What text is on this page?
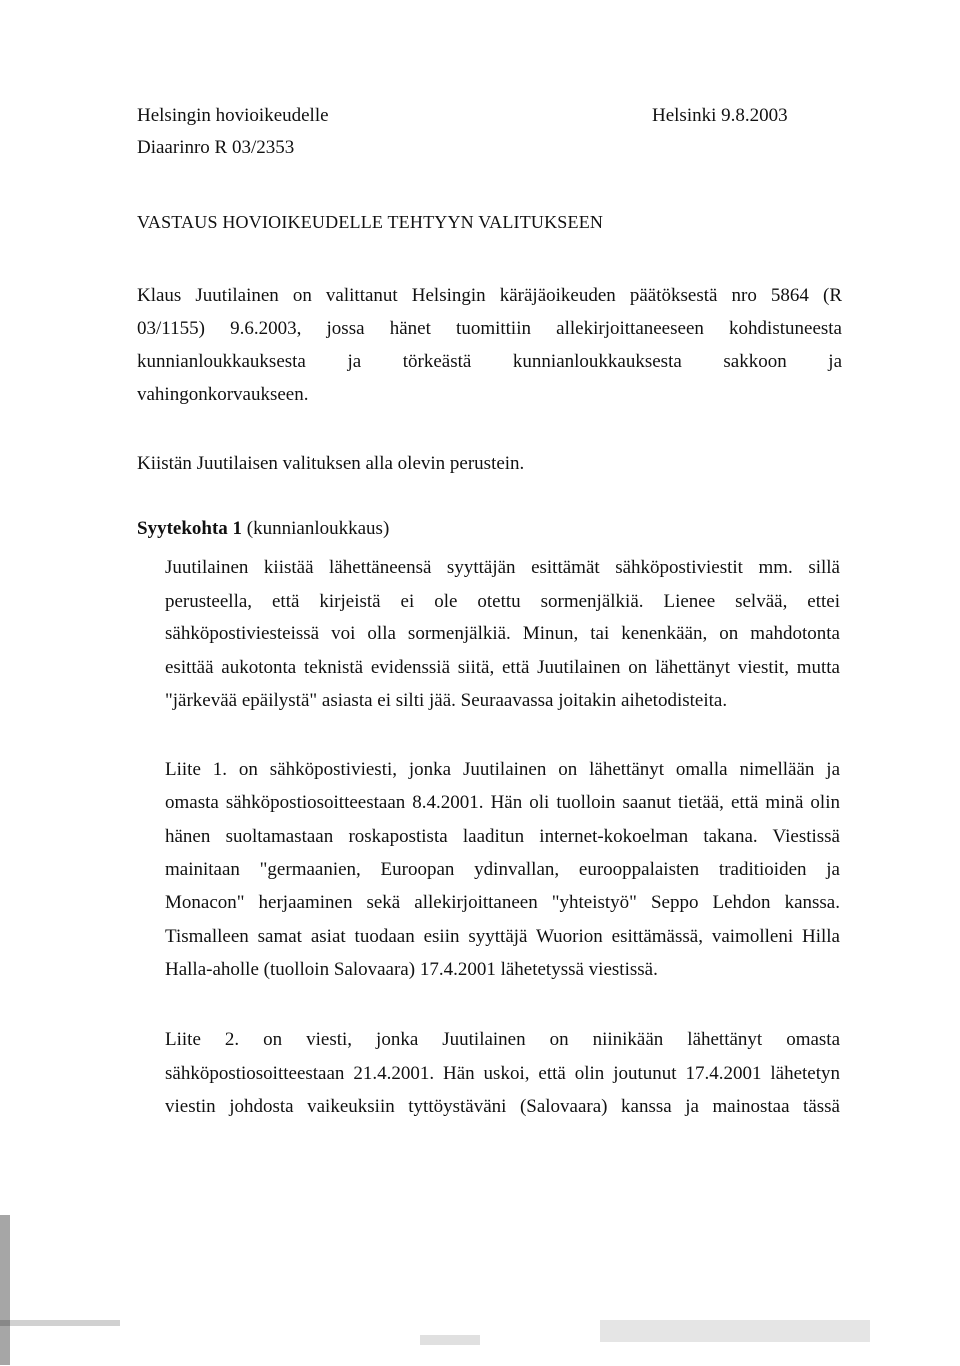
Helsingin hovioikeudelle

Diaarinro R 03/2353

Helsinki 9.8.2003

VASTAUS HOVIOIKEUDELLE TEHTYYN VALITUKSEEN

Klaus Juutilainen on valittanut Helsingin käräjäoikeuden päätöksestä nro 5864 (R

03/1155) 9.6.2003, jossa hänet tuomittiin allekirjoittaneeseen kohdistuneesta

kunnianloukkauksesta ja törkeästä kunnianloukkauksesta sakkoon ja

vahingonkorvaukseen.

Kiistän Juutilaisen valituksen alla olevin perustein.

Syytekohta 1 (kunnianloukkaus)

Juutilainen kiistää lähettäneensä syyttäjän esittämät sähköpostiviestit mm. sillä

perusteella, että kirjeistä ei ole otettu sormenjälkiä. Lienee selvää, ettei

sähköpostiviesteissä voi olla sormenjälkiä. Minun, tai kenenkään, on mahdotonta

esittää aukotonta teknistä evidenssiä siitä, että Juutilainen on lähettänyt viestit, mutta

"järkevää epäilystä" asiasta ei silti jää. Seuraavassa joitakin aihetodisteita.

Liite 1. on sähköpostiviesti, jonka Juutilainen on lähettänyt omalla nimellään ja

omasta sähköpostiosoitteestaan 8.4.2001. Hän oli tuolloin saanut tietää, että minä olin

hänen suoltamastaan roskapostista laaditun internet-kokoelman takana. Viestissä

mainitaan "germaanien, Euroopan ydinvallan, eurooppalaisten traditioiden ja

Monacon" herjaaminen sekä allekirjoittaneen "yhteistyö" Seppo Lehdon kanssa.

Tismalleen samat asiat tuodaan esiin syyttäjä Wuorion esittämässä, vaimolleni Hilla

Halla-aholle (tuolloin Salovaara) 17.4.2001 lähetetyssä viestissä.

Liite 2. on viesti, jonka Juutilainen on niinikään lähettänyt omasta

sähköpostiosoitteestaan 21.4.2001. Hän uskoi, että olin joutunut 17.4.2001 lähetetyn

viestin johdosta vaikeuksiin tyttöystäväni (Salovaara) kanssa ja mainostaa tässä
